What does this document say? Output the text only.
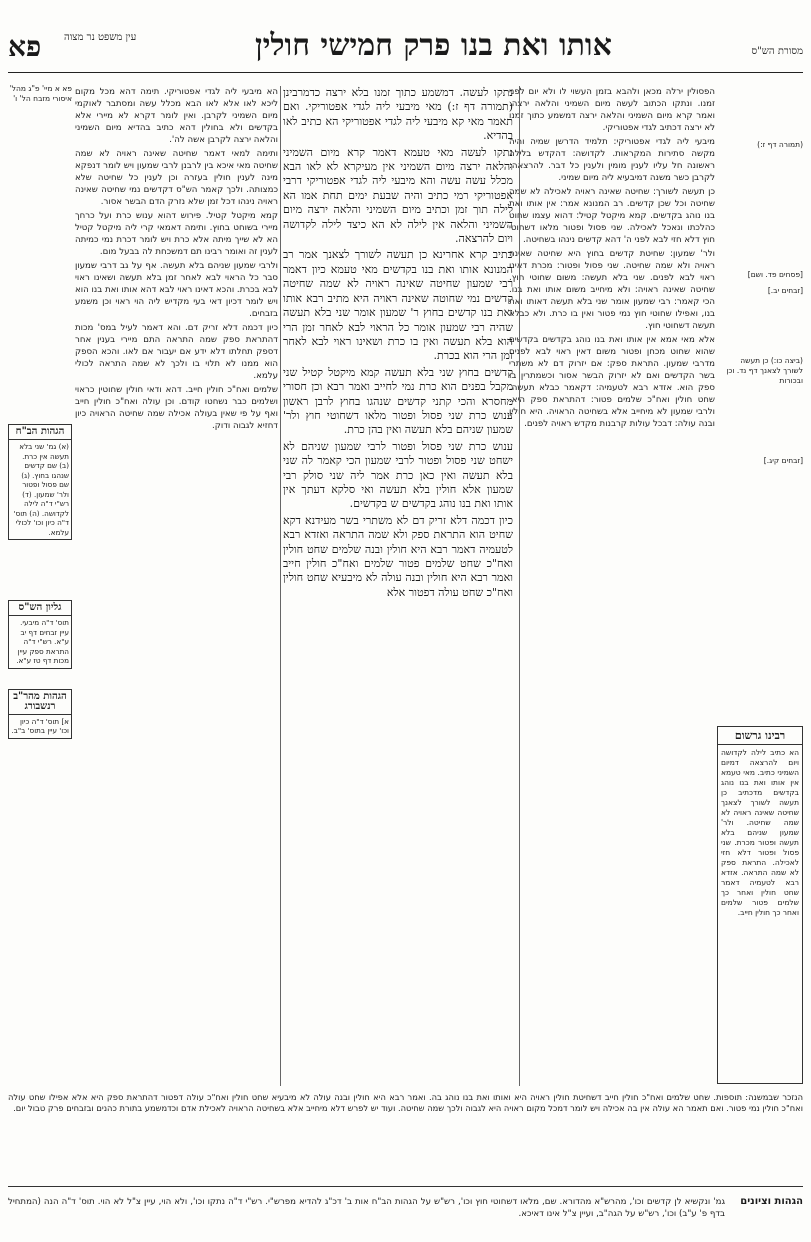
מסורת הש"ס
אותו ואת בנו פרק חמישי חולין
עין משפט נר מצוה
פא

(תמורה דף ז:)

[פסחים פד. ושם]

[זבחים יב.]

(ביצה כו:) כן תעשה לשורך לצאנך דף נד. וכן ובכורות

[זבחים קיג.]

רבינו גרשום
הא כתיב לילה לקדושה ויום להרצאה דמיום השמיני כתיב. מאי טעמא אין אותו ואת בנו נוהג בקדשים מדכתיב כן תעשה לשורך לצאנך שחיטה שאינה ראויה לא שמה שחיטה. ולר' שמעון שניהם בלא תעשה ופטור מכרת. שני פסול ופטור דלא חזי לאכילה. התראת ספק לא שמה התראה. אזדא רבא לטעמיה דאמר שחט חולין ואחר כך שלמים פטור שלמים ואחר כך חולין חייב.

הפסולין ירלה מכאן ולהבא בזמן העשוי לו ולא יום לפני זמנו. ונתקו הכתוב לעשה מיום השמיני והלאה ירצה. ואמר קרא מיום השמיני והלאה ירצה דמשמע כתוך זמנו לא ירצה דכתיב לגדי אפטוריקי.

מיבעי ליה לגדי אפטוריקי: תלמיד הדרשן שמיה והיה מקשה סתירות המקראות. לקדושה: דהקדש בלילה ראשונה חל עליו לענין מומין ולענין כל דבר. להרצאה: לקרבן כשר משנה דמיבעיא ליה מיום שמיני.

כן תעשה לשורך: שחיטה שאינה ראויה לאכילה לא שמה שחיטה וכל שכן קדשים. רב המנונא אמר: אין אותו ואת בנו נוהג בקדשים. קמא מיקטל קטיל: דהוא עצמו שחוט כהלכתו ונאכל לאכילה. שני פסול ופטור מלאו דשחוטי חוץ דלא חזי לבא לפני ה' דהא קדשים נינהו בשחיטה.

ולר' שמעון: שחיטת קדשים בחוץ היא שחיטה שאינה ראויה ולא שמה שחיטה. שני פסול ופטור: מכרת דאינו ראוי לבא לפנים. שני בלא תעשה: משום שחוטי חוץ. שחיטה שאינה ראויה: ולא מיחייב משום אותו ואת בנו. הכי קאמר: רבי שמעון אומר שני בלא תעשה דאותו ואת בנו, ואפילו שחוטי חוץ נמי פטור ואין בו כרת. ולא כבלא תעשה דשחוטי חוץ.

אלא מאי אמא אין אותו ואת בנו נוהג בקדשים בקדשים שהוא שחוט מכחן ופטור משום דאין ראוי לבא לפנים מדרבי שמעון. התראת ספק: אם יזרוק דם לא משתרי בשר הקדשים ואם לא יזרוק הבשר אסור וכשמתרין בו ספק הוא. אזדא רבא לטעמיה: דקאמר כבלא תעשה. שחט חולין ואח"כ שלמים פטור: דהתראת ספק היא. ולרבי שמעון לא מיחייב אלא בשחיטה הראויה. היא חולין ובנה עולה: דבכל עולות קרבנות מקדש ראויה לפנים.

נתקו לעשה. דמשמע כתוך זמנו בלא ירצה כדמרבינן (תמורה דף ז:) מאי מיבעי ליה לגדי אפטוריקי. ואם תאמר מאי קא מיבעי ליה לגדי אפטוריקי הא כתיב לאו בהדיא.

נתקו לעשה מאי טעמא דאמר קרא מיום השמיני והלאה ירצה מיום השמיני אין מעיקרא לא לאו הבא מכלל עשה עשה והא מיבעי ליה לגדי אפטוריקי דרבי אפטוריקי רמי כתיב והיה שבעת ימים תחת אמו הא לילה תוך זמן וכתיב מיום השמיני והלאה ירצה מיום השמיני והלאה אין לילה לא הא כיצד לילה לקדושה ויום להרצאה.

כתיב קרא אחרינא כן תעשה לשורך לצאנך אמר רב המנונא אותו ואת בנו בקדשים מאי טעמא כיון דאמר רבי שמעון שחיטה שאינה ראויה לא שמה שחיטה קדשים נמי שחוטה שאינה ראויה היא מתיב רבא אותו ואת בנו קדשים בחוץ ר' שמעון אומר שני בלא תעשה שהיה רבי שמעון אומר כל הראוי לבא לאחר זמן הרי הוא בלא תעשה ואין בו כרת ושאינו ראוי לבא לאחר זמן הרי הוא בכרת.

קדשים בחוץ שני בלא תעשה קמא מיקטל קטיל שני מקבל בפנים הוא כרת נמי לחייב ואמר רבא וכן חסורי מחסרא והכי קתני קדשים שנהגו בחוץ לרבן ראשון ענוש כרת שני פסול ופטור מלאו דשחוטי חוץ ולר' שמעון שניהם בלא תעשה ואין בהן כרת.

ענוש כרת שני פסול ופטור לרבי שמעון שניהם לא ישחט שני פסול ופטור לרבי שמעון הכי קאמר לה שני בלא תעשה ואין כאן כרת אמר ליה שני סולק רבי שמעון אלא חולין בלא תעשה ואי סלקא דעתך אין אותו ואת בנו נוהג בקדשים ש בקדשים.

כיון דכמה דלא זריק דם לא משתרי בשר מעידנא דקא שחיט הוא התראת ספק ולא שמה התראה ואזדא רבא לטעמיה דאמר רבא היא חולין ובנה שלמים שחט חולין ואח"כ שחט שלמים פטור שלמים ואח"כ חולין חייב ואמר רבא היא חולין ובנה עולה לא מיבעיא שחט חולין ואח"כ שחט עולה דפטור אלא

הא מיבעי ליה לגדי אפטוריקי. תימה דהא מכל מקום ליכא לאו אלא לאו הבא מכלל עשה ומסתבר לאוקמי מיום השמיני לקרבן. ואין לומר דקרא לא מיירי אלא בקדשים ולא בחולין דהא כתיב בהדיא מיום השמיני והלאה ירצה לקרבן אשה לה'.

ותימה למאי דאמר שחיטה שאינה ראויה לא שמה שחיטה מאי איכא בין לרבנן לרבי שמעון ויש לומר דנפקא מינה לענין חולין בעזרה וכן לענין כל שחיטה שלא כמצותה. ולכך קאמר הש"ס דקדשים נמי שחיטה שאינה ראויה נינהו דכל זמן שלא נזרק הדם הבשר אסור.

קמא מיקטל קטיל. פירוש דהוא ענוש כרת ועל כרחך מיירי בשוחט בחוץ. ותימה דאמאי קרי ליה מיקטל קטיל הא לא שייך מיתה אלא כרת ויש לומר דכרת נמי כמיתה לענין זה ואומר רבינו תם דמשכחת לה בבעל מום.

ולרבי שמעון שניהם בלא תעשה. אף על גב דרבי שמעון סבר כל הראוי לבא לאחר זמן בלא תעשה ושאינו ראוי לבא בכרת. והכא דאינו ראוי לבא דהא אותו ואת בנו הוא ויש לומר דכיון דאי בעי מקדיש ליה הוי ראוי וכן משמע בזבחים.

כיון דכמה דלא זריק דם. והא דאמר לעיל במס' מכות דהתראת ספק שמה התראה התם מיירי בענין אחר דספק תחלתו דלא ידע אם יעבור אם לאו. והכא הספק הוא ממנו לא תלוי בו ולכך לא שמה התראה לכולי עלמא.

שלמים ואח"כ חולין חייב. דהא ודאי חולין שחוטין כראוי ושלמים כבר נשחטו קודם. וכן עולה ואח"כ חולין חייב ואף על פי שאין בעולה אכילה שמה שחיטה הראויה כיון דחזיא לגבוה ודוק.

פא א מיי' פ"ג מהל' איסורי מזבח הל' ו'

הגהות הב"ח
(א) גמ' שני בלא תעשה אין כרת. (ב) שם קדשים שנהגו בחוץ. (ג) שם פסול ופטור ולר' שמעון. (ד) רש"י ד"ה לילה לקדושה. (ה) תוס' ד"ה כיון וכו' לכולי עלמא.
גליון הש"ס
תוס' ד"ה מיבעי. עיין זבחים דף יב ע"א. רש"י ד"ה התראת ספק עיין מכות דף טז ע"א.
הגהות מהר"ב רנשבורג
א] תוס' ד"ה כיון וכו' עיין בתוס' ב"ב.
הנזכר שבמשנה: תוספות. שחט שלמים ואח"כ חולין חייב דשחיטת חולין ראויה היא ואותו ואת בנו נוהג בה. ואמר רבא היא חולין ובנה עולה לא מיבעיא שחט חולין ואח"כ עולה דפטור דהתראת ספק היא אלא אפילו שחט עולה ואח"כ חולין נמי פטור. ואם תאמר הא עולה אין בה אכילה ויש לומר דמכל מקום ראויה היא לגבוה ולכך שמה שחיטה. ועוד יש לפרש דלא מיחייב אלא בשחיטה הראויה לאכילת אדם וכדמשמע בתורת כהנים ובזבחים פרק טבול יום.
הגהות וציונים
גמ' ונקשיא לן קדשים וכו', מהרש"א מהדורא. שם, מלאו דשחוטי חוץ וכו', רש"ש על הגהות הב"ח אות ב' דכ"ג להדיא מפרש"י. רש"י ד"ה נתקו וכו', ולא הוי, עיין צ"ל לא הוי. תוס' ד"ה הנה (המתחיל בדף פ' ע"ב) וכו', רש"ש על הגה"ב, ועיין צ"ל אינו דאיכא.
